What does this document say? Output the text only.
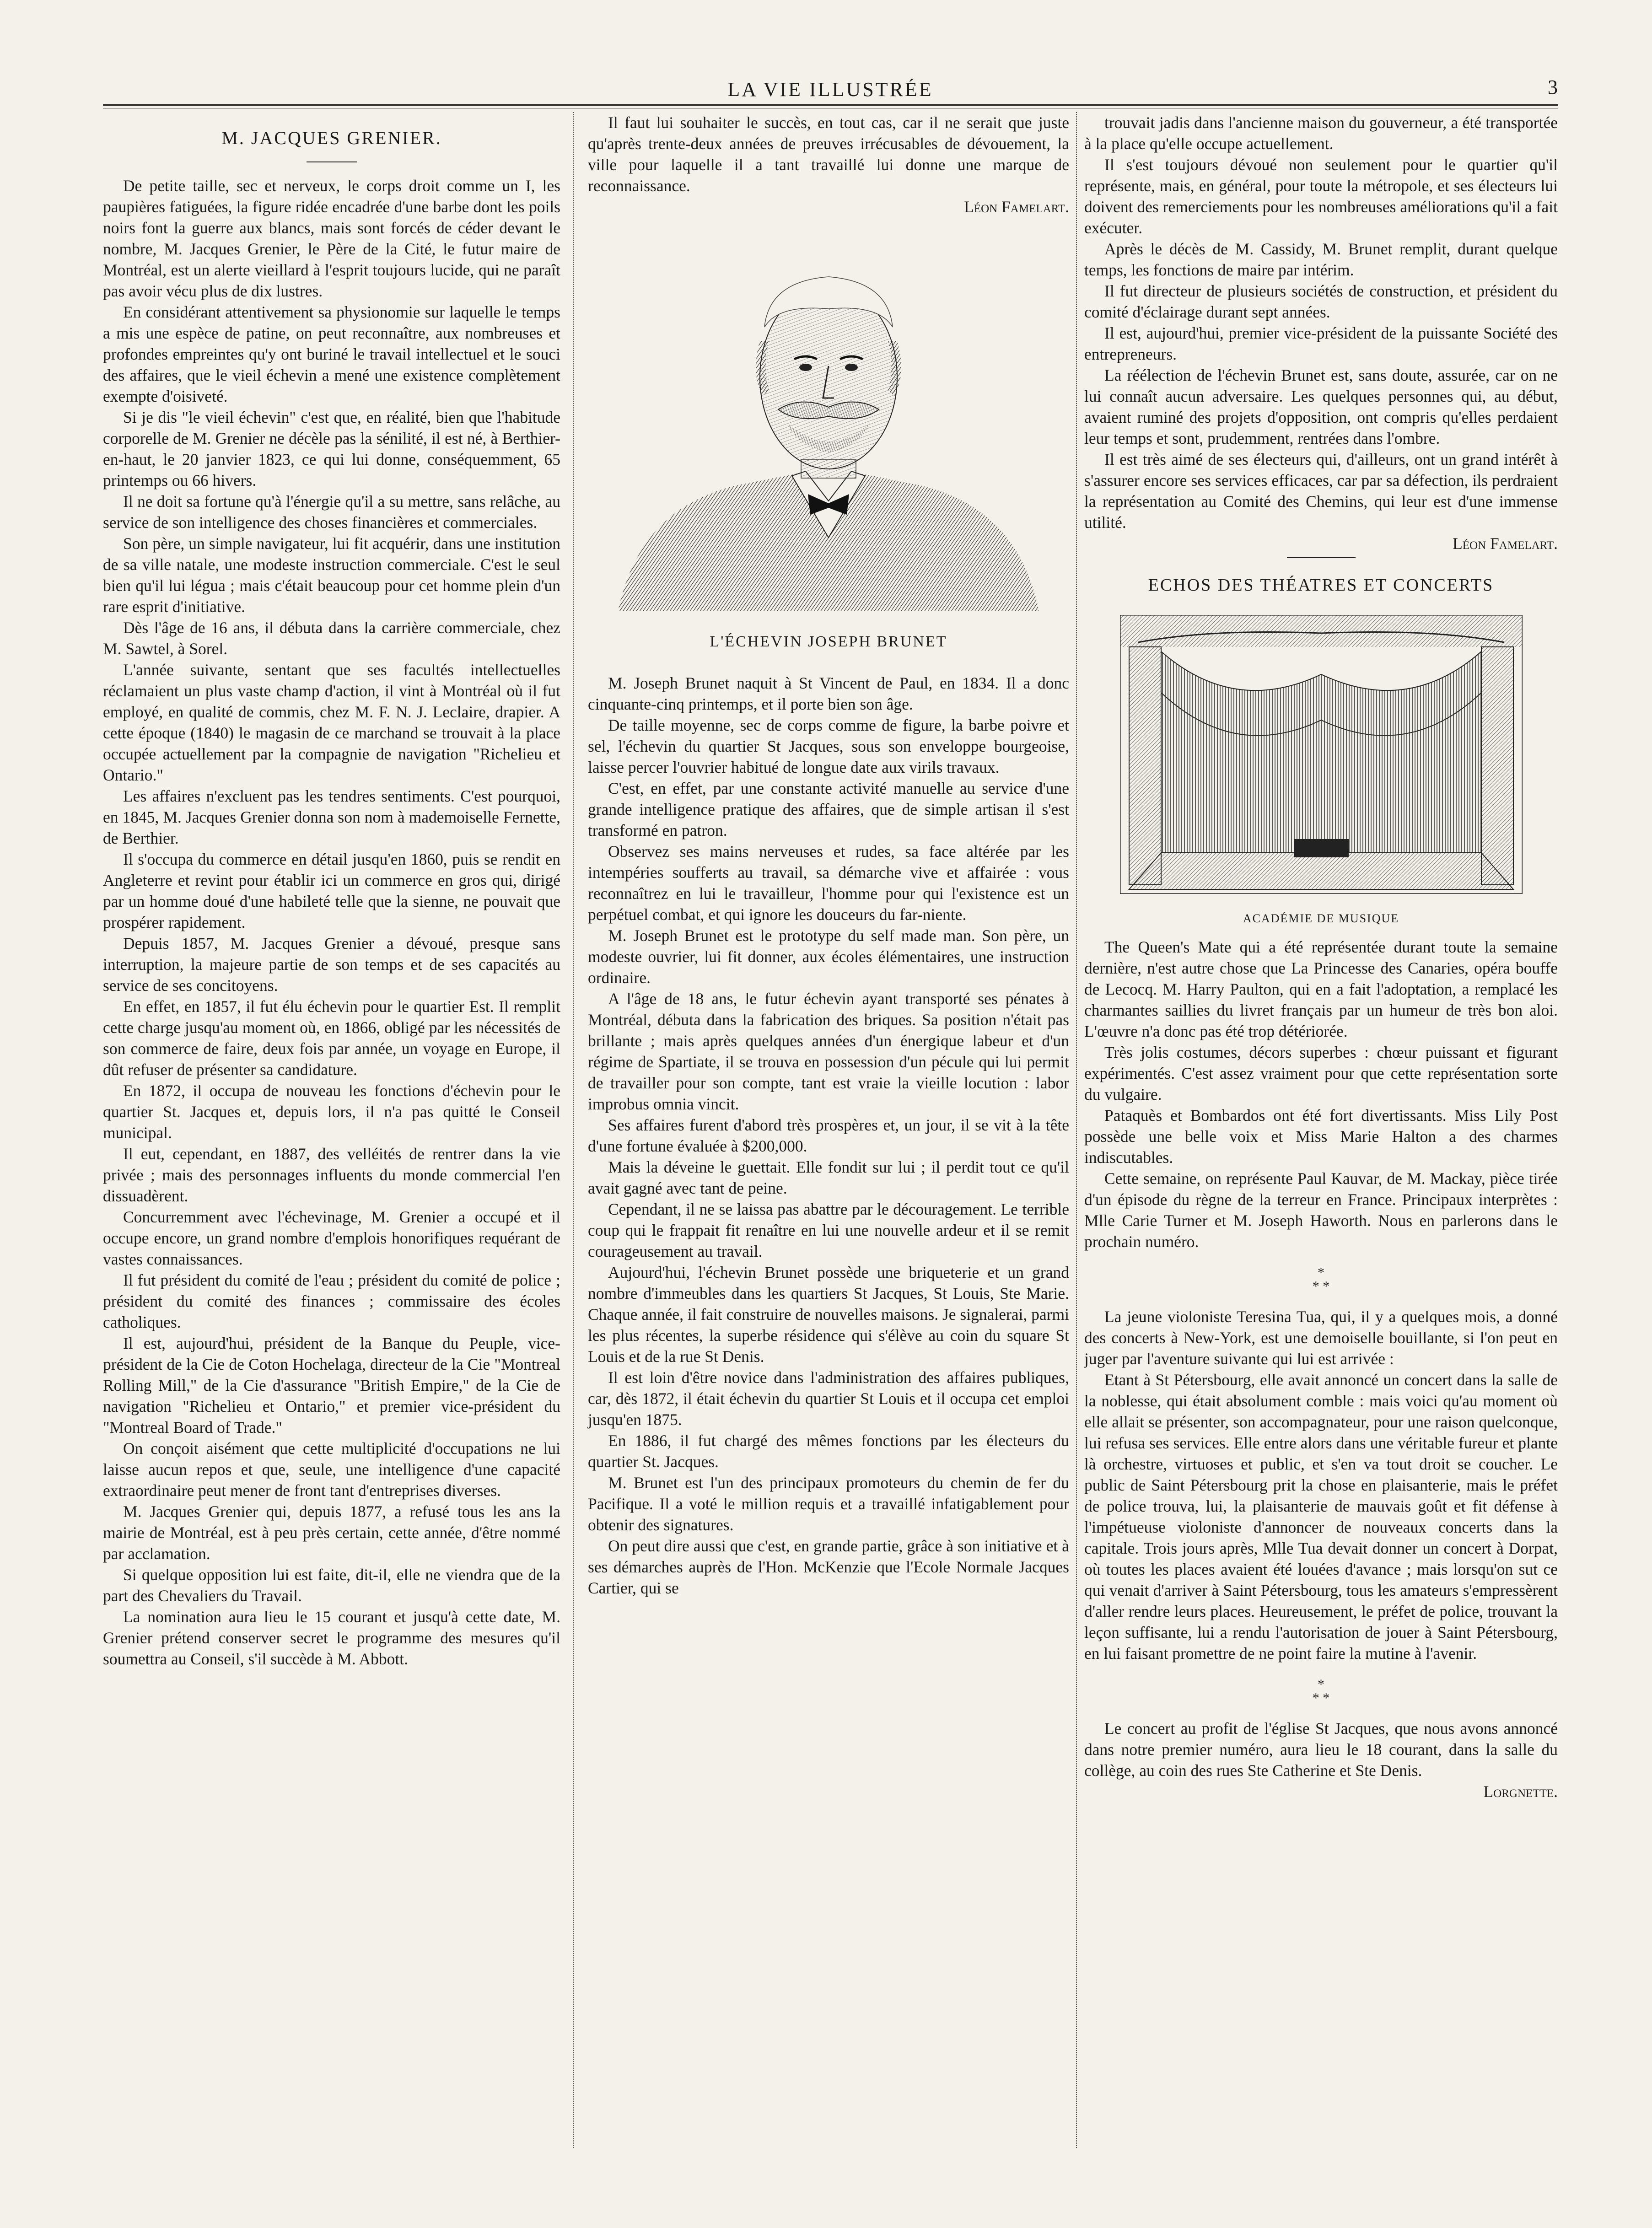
LA VIE ILLUSTRÉE	3
M. JACQUES GRENIER.

De petite taille, sec et nerveux, le corps droit comme un I, les paupières fatiguées, la figure ridée encadrée d'une barbe dont les poils noirs font la guerre aux blancs, mais sont forcés de céder devant le nombre, M. Jacques Grenier, le Père de la Cité, le futur maire de Montréal, est un alerte vieillard à l'esprit toujours lucide, qui ne paraît pas avoir vécu plus de dix lustres.

En considérant attentivement sa physionomie sur laquelle le temps a mis une espèce de patine, on peut reconnaître, aux nombreuses et profondes empreintes qu'y ont buriné le travail intellectuel et le souci des affaires, que le vieil échevin a mené une existence complètement exempte d'oisiveté.

Si je dis "le vieil échevin" c'est que, en réalité, bien que l'habitude corporelle de M. Grenier ne décèle pas la sénilité, il est né, à Berthier-en-haut, le 20 janvier 1823, ce qui lui donne, conséquemment, 65 printemps ou 66 hivers.

Il ne doit sa fortune qu'à l'énergie qu'il a su mettre, sans relâche, au service de son intelligence des choses financières et commerciales.

Son père, un simple navigateur, lui fit acquérir, dans une institution de sa ville natale, une modeste instruction commerciale. C'est le seul bien qu'il lui légua ; mais c'était beaucoup pour cet homme plein d'un rare esprit d'initiative.

Dès l'âge de 16 ans, il débuta dans la carrière commerciale, chez M. Sawtel, à Sorel.

L'année suivante, sentant que ses facultés intellectuelles réclamaient un plus vaste champ d'action, il vint à Montréal où il fut employé, en qualité de commis, chez M. F. N. J. Leclaire, drapier. A cette époque (1840) le magasin de ce marchand se trouvait à la place occupée actuellement par la compagnie de navigation "Richelieu et Ontario."

Les affaires n'excluent pas les tendres sentiments. C'est pourquoi, en 1845, M. Jacques Grenier donna son nom à mademoiselle Fernette, de Berthier.

Il s'occupa du commerce en détail jusqu'en 1860, puis se rendit en Angleterre et revint pour établir ici un commerce en gros qui, dirigé par un homme doué d'une habileté telle que la sienne, ne pouvait que prospérer rapidement.

Depuis 1857, M. Jacques Grenier a dévoué, presque sans interruption, la majeure partie de son temps et de ses capacités au service de ses concitoyens.

En effet, en 1857, il fut élu échevin pour le quartier Est. Il remplit cette charge jusqu'au moment où, en 1866, obligé par les nécessités de son commerce de faire, deux fois par année, un voyage en Europe, il dût refuser de présenter sa candidature.

En 1872, il occupa de nouveau les fonctions d'échevin pour le quartier St. Jacques et, depuis lors, il n'a pas quitté le Conseil municipal.

Il eut, cependant, en 1887, des velléités de rentrer dans la vie privée ; mais des personnages influents du monde commercial l'en dissuadèrent.

Concurremment avec l'échevinage, M. Grenier a occupé et il occupe encore, un grand nombre d'emplois honorifiques requérant de vastes connaissances.

Il fut président du comité de l'eau ; président du comité de police ; président du comité des finances ; commissaire des écoles catholiques.

Il est, aujourd'hui, président de la Banque du Peuple, vice-président de la Cie de Coton Hochelaga, directeur de la Cie "Montreal Rolling Mill," de la Cie d'assurance "British Empire," de la Cie de navigation "Richelieu et Ontario," et premier vice-président du "Montreal Board of Trade."

On conçoit aisément que cette multiplicité d'occupations ne lui laisse aucun repos et que, seule, une intelligence d'une capacité extraordinaire peut mener de front tant d'entreprises diverses.

M. Jacques Grenier qui, depuis 1877, a refusé tous les ans la mairie de Montréal, est à peu près certain, cette année, d'être nommé par acclamation.

Si quelque opposition lui est faite, dit-il, elle ne viendra que de la part des Chevaliers du Travail.

La nomination aura lieu le 15 courant et jusqu'à cette date, M. Grenier prétend conserver secret le programme des mesures qu'il soumettra au Conseil, s'il succède à M. Abbott.

Il faut lui souhaiter le succès, en tout cas, car il ne serait que juste qu'après trente-deux années de preuves irrécusables de dévouement, la ville pour laquelle il a tant travaillé lui donne une marque de reconnaissance.

Léon Famelart.

L'ÉCHEVIN JOSEPH BRUNET

M. Joseph Brunet naquit à St Vincent de Paul, en 1834. Il a donc cinquante-cinq printemps, et il porte bien son âge.

De taille moyenne, sec de corps comme de figure, la barbe poivre et sel, l'échevin du quartier St Jacques, sous son enveloppe bourgeoise, laisse percer l'ouvrier habitué de longue date aux virils travaux.

C'est, en effet, par une constante activité manuelle au service d'une grande intelligence pratique des affaires, que de simple artisan il s'est transformé en patron.

Observez ses mains nerveuses et rudes, sa face altérée par les intempéries soufferts au travail, sa démarche vive et affairée : vous reconnaîtrez en lui le travailleur, l'homme pour qui l'existence est un perpétuel combat, et qui ignore les douceurs du far-niente.

M. Joseph Brunet est le prototype du self made man. Son père, un modeste ouvrier, lui fit donner, aux écoles élémentaires, une instruction ordinaire.

A l'âge de 18 ans, le futur échevin ayant transporté ses pénates à Montréal, débuta dans la fabrication des briques. Sa position n'était pas brillante ; mais après quelques années d'un énergique labeur et d'un régime de Spartiate, il se trouva en possession d'un pécule qui lui permit de travailler pour son compte, tant est vraie la vieille locution : labor improbus omnia vincit.

Ses affaires furent d'abord très prospères et, un jour, il se vit à la tête d'une fortune évaluée à $200,000.

Mais la déveine le guettait. Elle fondit sur lui ; il perdit tout ce qu'il avait gagné avec tant de peine.

Cependant, il ne se laissa pas abattre par le découragement. Le terrible coup qui le frappait fit renaître en lui une nouvelle ardeur et il se remit courageusement au travail.

Aujourd'hui, l'échevin Brunet possède une briqueterie et un grand nombre d'immeubles dans les quartiers St Jacques, St Louis, Ste Marie. Chaque année, il fait construire de nouvelles maisons. Je signalerai, parmi les plus récentes, la superbe résidence qui s'élève au coin du square St Louis et de la rue St Denis.

Il est loin d'être novice dans l'administration des affaires publiques, car, dès 1872, il était échevin du quartier St Louis et il occupa cet emploi jusqu'en 1875.

En 1886, il fut chargé des mêmes fonctions par les électeurs du quartier St. Jacques.

M. Brunet est l'un des principaux promoteurs du chemin de fer du Pacifique. Il a voté le million requis et a travaillé infatigablement pour obtenir des signatures.

On peut dire aussi que c'est, en grande partie, grâce à son initiative et à ses démarches auprès de l'Hon. McKenzie que l'Ecole Normale Jacques Cartier, qui se

trouvait jadis dans l'ancienne maison du gouverneur, a été transportée à la place qu'elle occupe actuellement.

Il s'est toujours dévoué non seulement pour le quartier qu'il représente, mais, en général, pour toute la métropole, et ses électeurs lui doivent des remerciements pour les nombreuses améliorations qu'il a fait exécuter.

Après le décès de M. Cassidy, M. Brunet remplit, durant quelque temps, les fonctions de maire par intérim.

Il fut directeur de plusieurs sociétés de construction, et président du comité d'éclairage durant sept années.

Il est, aujourd'hui, premier vice-président de la puissante Société des entrepreneurs.

La réélection de l'échevin Brunet est, sans doute, assurée, car on ne lui connaît aucun adversaire. Les quelques personnes qui, au début, avaient ruminé des projets d'opposition, ont compris qu'elles perdaient leur temps et sont, prudemment, rentrées dans l'ombre.

Il est très aimé de ses électeurs qui, d'ailleurs, ont un grand intérêt à s'assurer encore ses services efficaces, car par sa défection, ils perdraient la représentation au Comité des Chemins, qui leur est d'une immense utilité.

Léon Famelart.

ECHOS DES THÉATRES ET CONCERTS
ACADÉMIE DE MUSIQUE

The Queen's Mate qui a été représentée durant toute la semaine dernière, n'est autre chose que La Princesse des Canaries, opéra bouffe de Lecocq. M. Harry Paulton, qui en a fait l'adoptation, a remplacé les charmantes saillies du livret français par un humeur de très bon aloi. L'œuvre n'a donc pas été trop détériorée.

Très jolis costumes, décors superbes : chœur puissant et figurant expérimentés. C'est assez vraiment pour que cette représentation sorte du vulgaire.

Pataquès et Bombardos ont été fort divertissants. Miss Lily Post possède une belle voix et Miss Marie Halton a des charmes indiscutables.

Cette semaine, on représente Paul Kauvar, de M. Mackay, pièce tirée d'un épisode du règne de la terreur en France. Principaux interprètes : Mlle Carie Turner et M. Joseph Haworth. Nous en parlerons dans le prochain numéro.

*
* *

La jeune violoniste Teresina Tua, qui, il y a quelques mois, a donné des concerts à New-York, est une demoiselle bouillante, si l'on peut en juger par l'aventure suivante qui lui est arrivée :

Etant à St Pétersbourg, elle avait annoncé un concert dans la salle de la noblesse, qui était absolument comble : mais voici qu'au moment où elle allait se présenter, son accompagnateur, pour une raison quelconque, lui refusa ses services. Elle entre alors dans une véritable fureur et plante là orchestre, virtuoses et public, et s'en va tout droit se coucher. Le public de Saint Pétersbourg prit la chose en plaisanterie, mais le préfet de police trouva, lui, la plaisanterie de mauvais goût et fit défense à l'impétueuse violoniste d'annoncer de nouveaux concerts dans la capitale. Trois jours après, Mlle Tua devait donner un concert à Dorpat, où toutes les places avaient été louées d'avance ; mais lorsqu'on sut ce qui venait d'arriver à Saint Pétersbourg, tous les amateurs s'empressèrent d'aller rendre leurs places. Heureusement, le préfet de police, trouvant la leçon suffisante, lui a rendu l'autorisation de jouer à Saint Pétersbourg, en lui faisant promettre de ne point faire la mutine à l'avenir.

*
* *

Le concert au profit de l'église St Jacques, que nous avons annoncé dans notre premier numéro, aura lieu le 18 courant, dans la salle du collège, au coin des rues Ste Catherine et Ste Denis.

Lorgnette.
